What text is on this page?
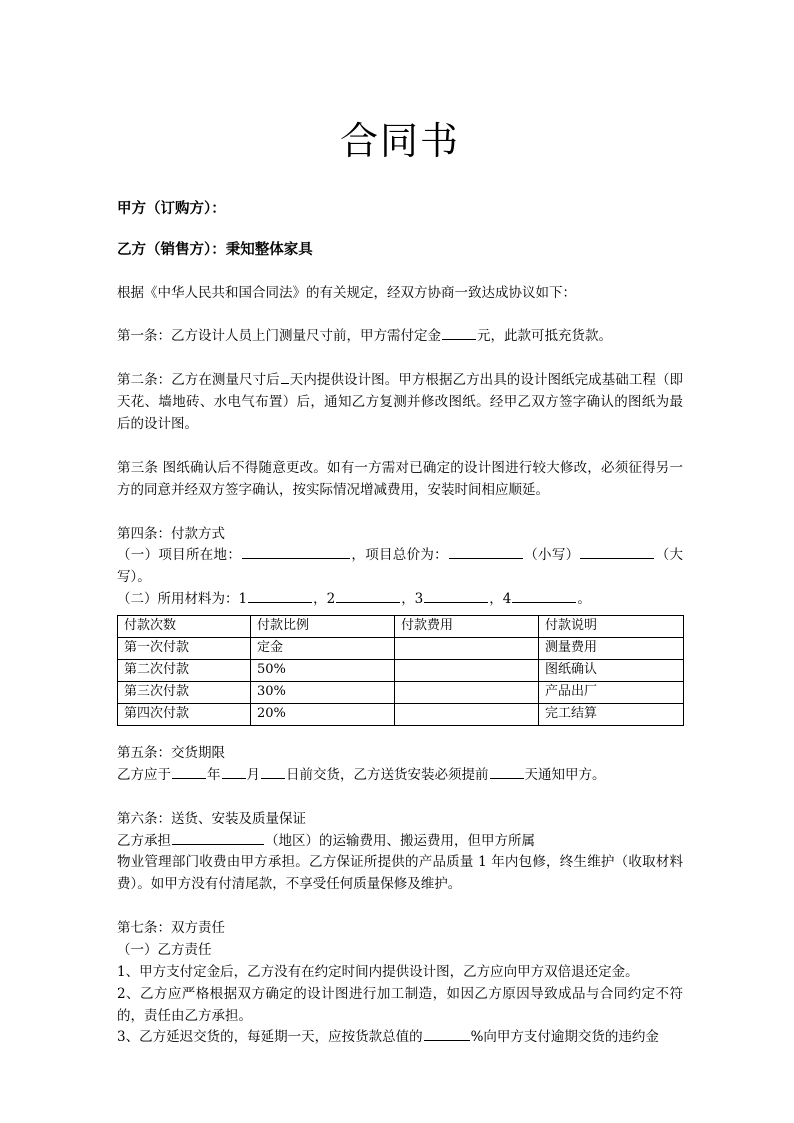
合同书

甲方（订购方）：

乙方（销售方）：秉知整体家具

根据《中华人民共和国合同法》的有关规定，经双方协商一致达成协议如下：

第一条：乙方设计人员上门测量尺寸前，甲方需付定金	元，此款可抵充货款。

第二条：乙方在测量尺寸后 天内提供设计图。甲方根据乙方出具的设计图纸完成基础工程（即天花、墙地砖、水电气布置）后，通知乙方复测并修改图纸。经甲乙双方签字确认的图纸为最后的设计图。

第三条 图纸确认后不得随意更改。如有一方需对已确定的设计图进行较大修改，必须征得另一方的同意并经双方签字确认，按实际情况增减费用，安装时间相应顺延。

第四条：付款方式

（一）项目所在地：	，项目总价为：	（小写）	（大写）。

（二）所用材料为：1	，2	，3	，4	。

付款次数	付款比例	付款费用	付款说明
第一次付款	定金		测量费用
第二次付款	50%		图纸确认
第三次付款	30%		产品出厂
第四次付款	20%		完工结算

第五条：交货期限

乙方应于	年 月 日前交货，乙方送货安装必须提前	天通知甲方。

第六条：送货、安装及质量保证

乙方承担	（地区）的运输费用、搬运费用，但甲方所属

物业管理部门收费由甲方承担。乙方保证所提供的产品质量 1 年内包修，终生维护（收取材料费）。如甲方没有付清尾款，不享受任何质量保修及维护。

第七条：双方责任

（一）乙方责任

1、甲方支付定金后，乙方没有在约定时间内提供设计图，乙方应向甲方双倍退还定金。

2、乙方应严格根据双方确定的设计图进行加工制造，如因乙方原因导致成品与合同约定不符的，责任由乙方承担。

3、乙方延迟交货的，每延期一天，应按货款总值的	%向甲方支付逾期交货的违约金
